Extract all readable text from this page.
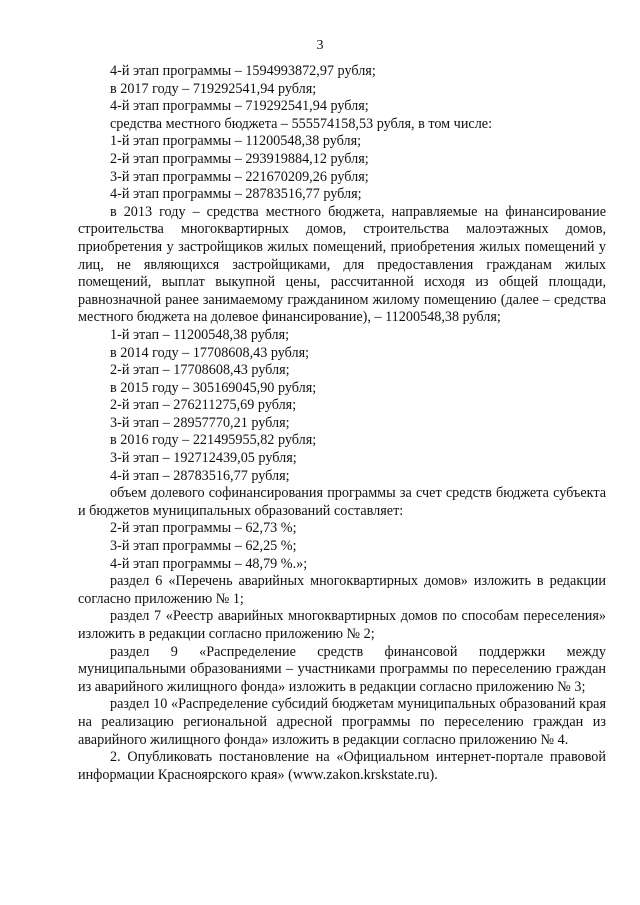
3
4-й этап программы – 1594993872,97 рубля;
в 2017 году – 719292541,94 рубля;
4-й этап программы – 719292541,94 рубля;
средства местного бюджета – 555574158,53 рубля, в том числе:
1-й этап программы – 11200548,38 рубля;
2-й этап программы – 293919884,12 рубля;
3-й этап программы – 221670209,26 рубля;
4-й этап программы – 28783516,77 рубля;

в 2013 году – средства местного бюджета, направляемые на финансирование строительства многоквартирных домов, строительства малоэтажных домов, приобретения у застройщиков жилых помещений, приобретения жилых помещений у лиц, не являющихся застройщиками, для предоставления гражданам жилых помещений, выплат выкупной цены, рассчитанной исходя из общей площади, равнозначной ранее занимаемому гражданином жилому помещению (далее – средства местного бюджета на долевое финансирование), – 11200548,38 рубля;

1-й этап – 11200548,38 рубля;
в 2014 году – 17708608,43 рубля;
2-й этап – 17708608,43 рубля;
в 2015 году – 305169045,90 рубля;
2-й этап – 276211275,69 рубля;
3-й этап – 28957770,21 рубля;
в 2016 году – 221495955,82 рубля;
3-й этап – 192712439,05 рубля;
4-й этап – 28783516,77 рубля;

объем долевого софинансирования программы за счет средств бюджета субъекта и бюджетов муниципальных образований составляет:

2-й этап программы – 62,73 %;
3-й этап программы – 62,25 %;
4-й этап программы – 48,79 %.»;

раздел 6 «Перечень аварийных многоквартирных домов» изложить в редакции согласно приложению № 1;

раздел 7 «Реестр аварийных многоквартирных домов по способам переселения» изложить в редакции согласно приложению № 2;

раздел 9 «Распределение средств финансовой поддержки между муниципальными образованиями – участниками программы по переселению граждан из аварийного жилищного фонда» изложить в редакции согласно приложению № 3;

раздел 10 «Распределение субсидий бюджетам муниципальных образований края на реализацию региональной адресной программы по переселению граждан из аварийного жилищного фонда» изложить в редакции согласно приложению № 4.

2. Опубликовать постановление на «Официальном интернет-портале правовой информации Красноярского края» (www.zakon.krskstate.ru).
